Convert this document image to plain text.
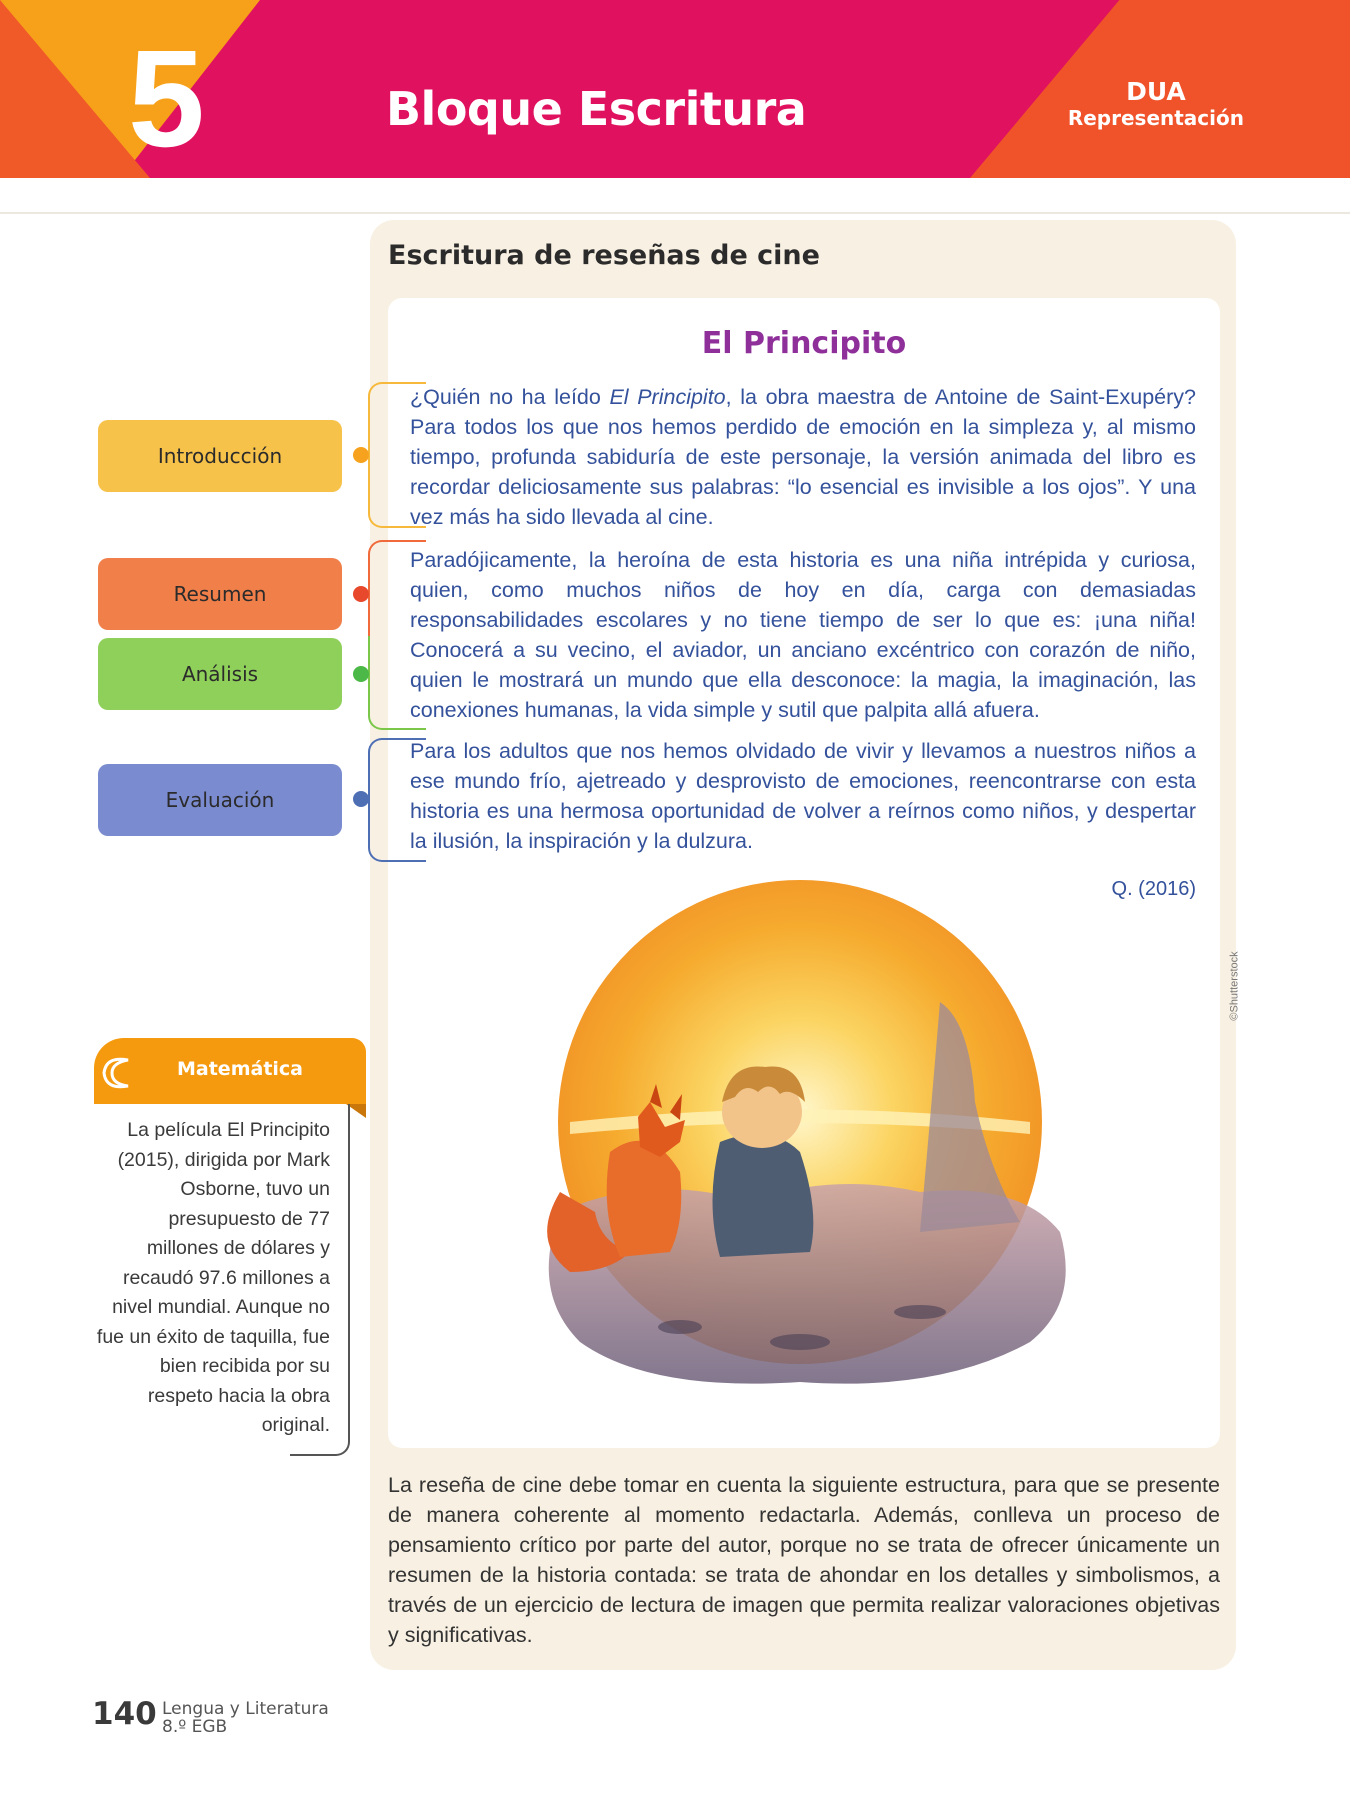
5	Bloque Escritura	DUA
Representación
Escritura de reseñas de cine
El Principito
¿Quién no ha leído El Principito, la obra maestra de Antoine de Saint-Exupéry? Para todos los que nos hemos perdido de emoción en la simpleza y, al mismo tiempo, profunda sabiduría de este personaje, la versión animada del libro es recordar deliciosamente sus palabras: “lo esencial es invisible a los ojos”. Y una vez más ha sido llevada al cine.
Paradójicamente, la heroína de esta historia es una niña intrépida y curiosa, quien, como muchos niños de hoy en día, carga con demasiadas responsabilidades escolares y no tiene tiempo de ser lo que es: ¡una niña! Conocerá a su vecino, el aviador, un anciano excéntrico con corazón de niño, quien le mostrará un mundo que ella desconoce: la magia, la imaginación, las conexiones humanas, la vida simple y sutil que palpita allá afuera.
Para los adultos que nos hemos olvidado de vivir y llevamos a nuestros niños a ese mundo frío, ajetreado y desprovisto de emociones, reencontrarse con esta historia es una hermosa oportunidad de volver a reírnos como niños, y despertar la ilusión, la inspiración y la dulzura.
Q. (2016)
Introducción
Resumen
Análisis
Evaluación
©Shutterstock
La reseña de cine debe tomar en cuenta la siguiente estructura, para que se presente de manera coherente al momento redactarla. Además, conlleva un proceso de pensamiento crítico por parte del autor, porque no se trata de ofrecer únicamente un resumen de la historia contada: se trata de ahondar en los detalles y simbolismos, a través de un ejercicio de lectura de imagen que permita realizar valoraciones objetivas y significativas.
Matemática
La película El Principito (2015), dirigida por Mark Osborne, tuvo un presupuesto de 77 millones de dólares y recaudó 97.6 millones a nivel mundial. Aunque no fue un éxito de taquilla, fue bien recibida por su respeto hacia la obra original.
140 Lengua y Literatura
8.º EGB
